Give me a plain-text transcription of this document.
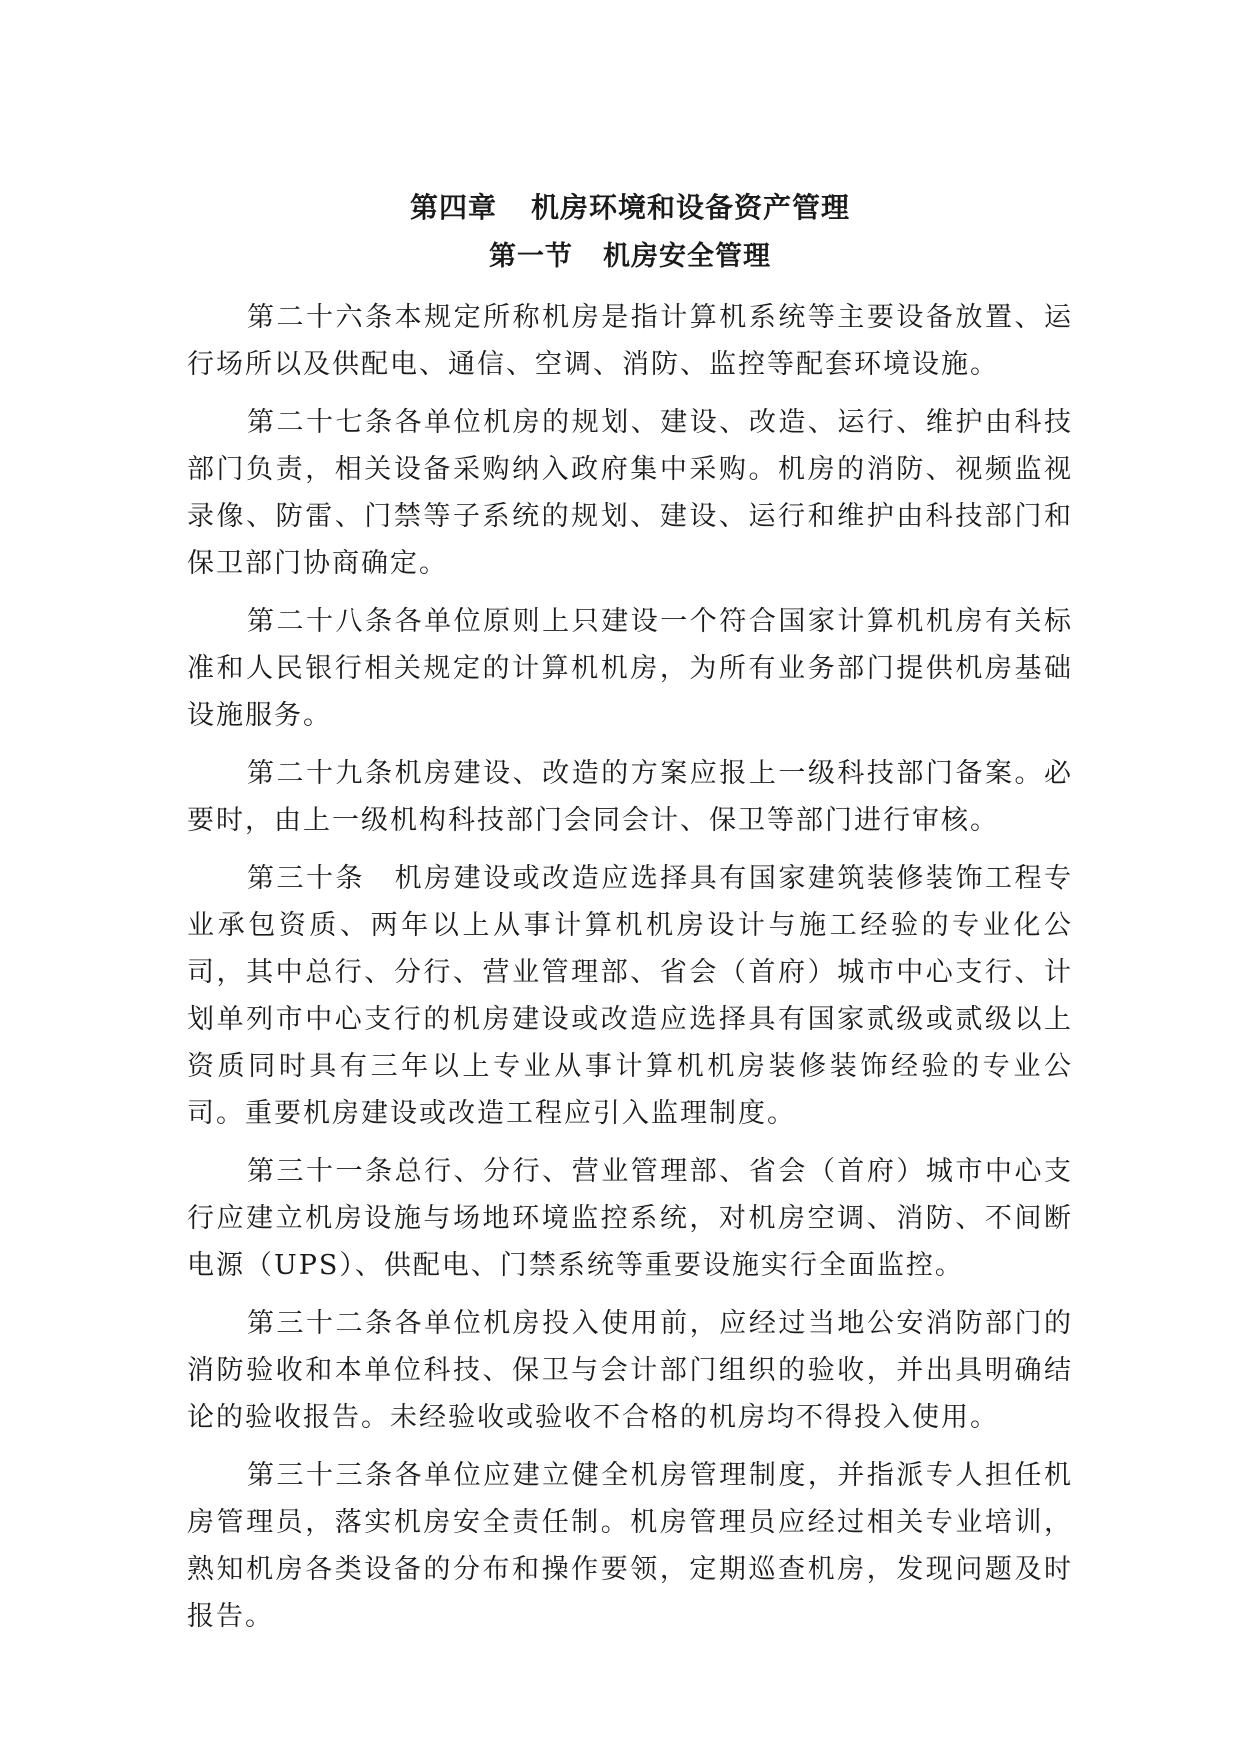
第四章 机房环境和设备资产管理
第一节 机房安全管理

第二十六条本规定所称机房是指计算机系统等主要设备放置、运行场所以及供配电、通信、空调、消防、监控等配套环境设施。

第二十七条各单位机房的规划、建设、改造、运行、维护由科技部门负责，相关设备采购纳入政府集中采购。机房的消防、视频监视录像、防雷、门禁等子系统的规划、建设、运行和维护由科技部门和保卫部门协商确定。

第二十八条各单位原则上只建设一个符合国家计算机机房有关标准和人民银行相关规定的计算机机房，为所有业务部门提供机房基础设施服务。

第二十九条机房建设、改造的方案应报上一级科技部门备案。必要时，由上一级机构科技部门会同会计、保卫等部门进行审核。

第三十条　机房建设或改造应选择具有国家建筑装修装饰工程专业承包资质、两年以上从事计算机机房设计与施工经验的专业化公司，其中总行、分行、营业管理部、省会（首府）城市中心支行、计划单列市中心支行的机房建设或改造应选择具有国家贰级或贰级以上资质同时具有三年以上专业从事计算机机房装修装饰经验的专业公司。重要机房建设或改造工程应引入监理制度。

第三十一条总行、分行、营业管理部、省会（首府）城市中心支行应建立机房设施与场地环境监控系统，对机房空调、消防、不间断电源（UPS）、供配电、门禁系统等重要设施实行全面监控。

第三十二条各单位机房投入使用前，应经过当地公安消防部门的消防验收和本单位科技、保卫与会计部门组织的验收，并出具明确结论的验收报告。未经验收或验收不合格的机房均不得投入使用。

第三十三条各单位应建立健全机房管理制度，并指派专人担任机房管理员，落实机房安全责任制。机房管理员应经过相关专业培训，熟知机房各类设备的分布和操作要领，定期巡查机房，发现问题及时报告。
